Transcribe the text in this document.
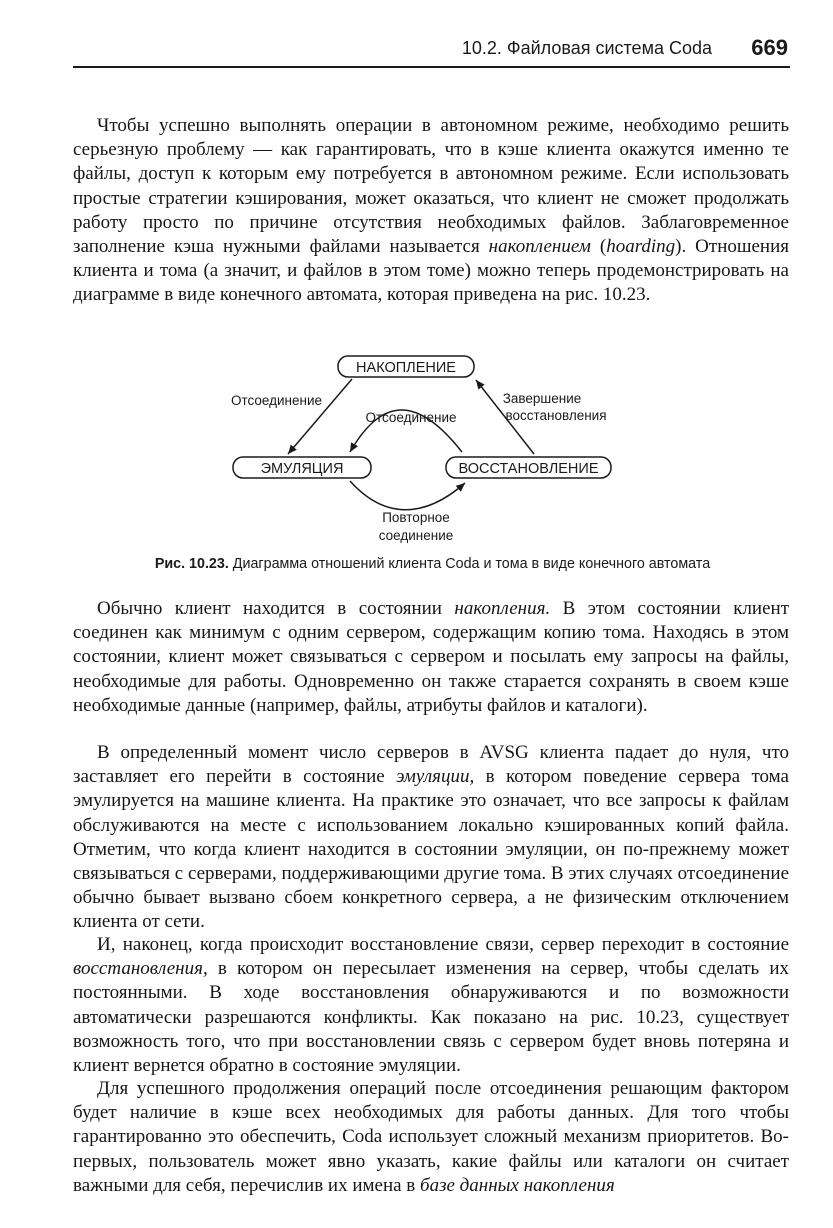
10.2. Файловая система Coda 669

Чтобы успешно выполнять операции в автономном режиме, необходимо решить серьезную проблему — как гарантировать, что в кэше клиента окажутся именно те файлы, доступ к которым ему потребуется в автономном режиме. Если использовать простые стратегии кэширования, может оказаться, что клиент не сможет продолжать работу просто по причине отсутствия необходимых файлов. Заблаговременное заполнение кэша нужными файлами называется накоплением (hoarding). Отношения клиента и тома (а значит, и файлов в этом томе) можно теперь продемонстрировать на диаграмме в виде конечного автомата, которая приведена на рис. 10.23.

НАКОПЛЕНИЕ
ЭМУЛЯЦИЯ	ВОССТАНОВЛЕНИЕ
Отсоединение
Отсоединение
Завершение
восстановления
Повторное
соединение
Рис. 10.23. Диаграмма отношений клиента Coda и тома в виде конечного автомата

Обычно клиент находится в состоянии накопления. В этом состоянии клиент соединен как минимум с одним сервером, содержащим копию тома. Находясь в этом состоянии, клиент может связываться с сервером и посылать ему запросы на файлы, необходимые для работы. Одновременно он также старается сохранять в своем кэше необходимые данные (например, файлы, атрибуты файлов и каталоги).

В определенный момент число серверов в AVSG клиента падает до нуля, что заставляет его перейти в состояние эмуляции, в котором поведение сервера тома эмулируется на машине клиента. На практике это означает, что все запросы к файлам обслуживаются на месте с использованием локально кэшированных копий файла. Отметим, что когда клиент находится в состоянии эмуляции, он по-прежнему может связываться с серверами, поддерживающими другие тома. В этих случаях отсоединение обычно бывает вызвано сбоем конкретного сервера, а не физическим отключением клиента от сети.

И, наконец, когда происходит восстановление связи, сервер переходит в состояние восстановления, в котором он пересылает изменения на сервер, чтобы сделать их постоянными. В ходе восстановления обнаруживаются и по возможности автоматически разрешаются конфликты. Как показано на рис. 10.23, существует возможность того, что при восстановлении связь с сервером будет вновь потеряна и клиент вернется обратно в состояние эмуляции.

Для успешного продолжения операций после отсоединения решающим фактором будет наличие в кэше всех необходимых для работы данных. Для того чтобы гарантированно это обеспечить, Coda использует сложный механизм приоритетов. Во-первых, пользователь может явно указать, какие файлы или каталоги он считает важными для себя, перечислив их имена в базе данных накопления
